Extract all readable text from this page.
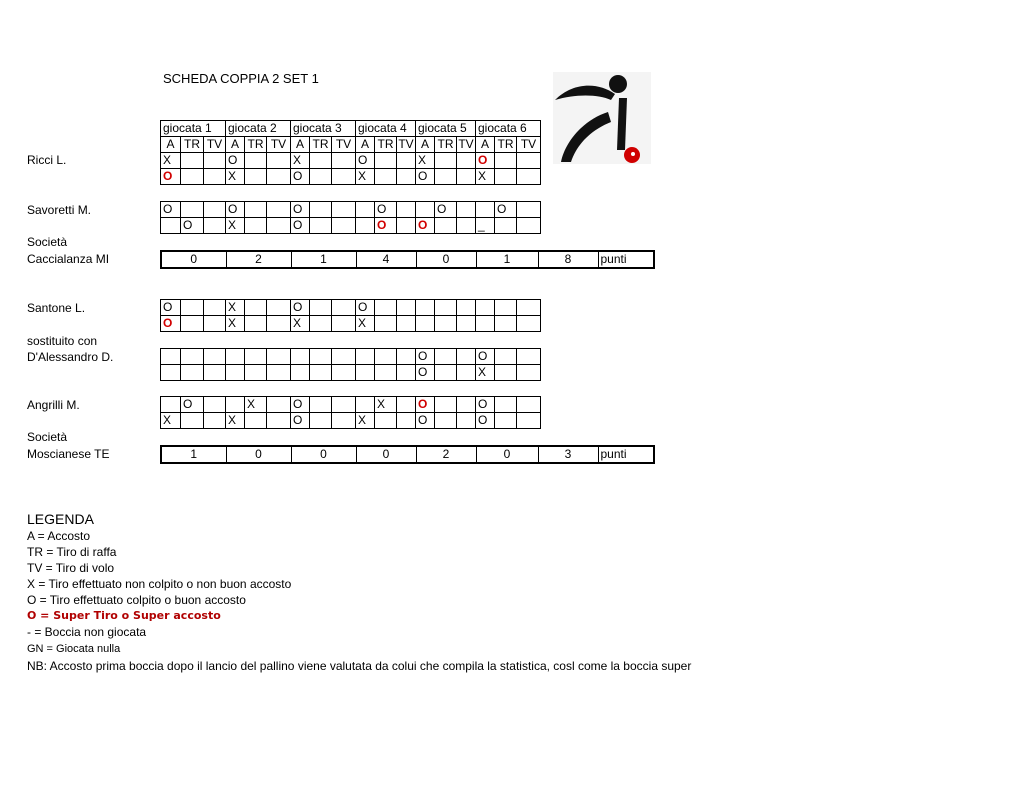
SCHEDA COPPIA 2 SET 1
giocata 1			giocata 2			giocata 3			giocata 4			giocata 5			giocata 6		
A	TR	TV	A	TR	TV	A	TR	TV	A	TR	TV	A	TR	TV	A	TR	TV
Ricci L.
Savoretti M.
Società
Caccialanza MI
X			O			X			O			X			O		
O			X			O			X			O			X		
O			O			O				O			O			O	
	O		X			O				O		O			_		
0	2	1	4	0	1	8	punti
Santone L.
sostituito con
D'Alessandro D.
Angrilli M.
Società
Moscianese TE
O			X			O			O								
O			X			X			X								
												O			O		
												O			X		
	O			X		O				X		O			O		
X			X			O			X			O			O		
1	0	0	0	2	0	3	punti
LEGENDA
A = Accosto
TR = Tiro di raffa
TV = Tiro di volo
X = Tiro effettuato non colpito o non buon accosto
O = Tiro effettuato colpito o buon accosto
O = Super Tiro o Super accosto
- = Boccia non giocata
GN = Giocata nulla
NB: Accosto prima boccia dopo il lancio del pallino viene valutata da colui che compila la statistica, cosl come la boccia super
